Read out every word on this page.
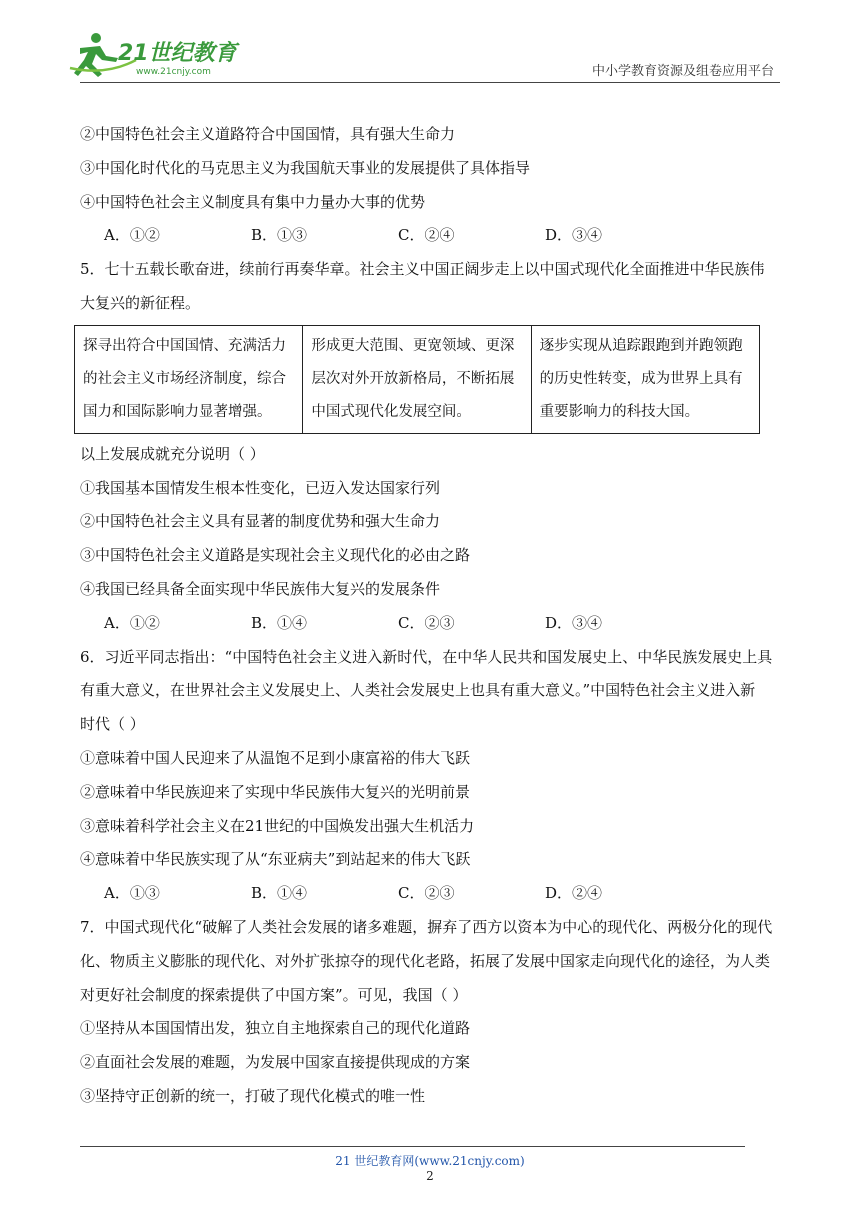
21世纪教育
www.21cnjy.com	中小学教育资源及组卷应用平台
②中国特色社会主义道路符合中国国情，具有强大生命力
③中国化时代化的马克思主义为我国航天事业的发展提供了具体指导
④中国特色社会主义制度具有集中力量办大事的优势
A．①②	B．①③	C．②④	D．③④
5．七十五载长歌奋进，续前行再奏华章。社会主义中国正阔步走上以中国式现代化全面推进中华民族伟
大复兴的新征程。
探寻出符合中国国情、充满活力的社会主义市场经济制度，综合国力和国际影响力显著增强。	形成更大范围、更宽领域、更深层次对外开放新格局，不断拓展中国式现代化发展空间。	逐步实现从追踪跟跑到并跑领跑的历史性转变，成为世界上具有重要影响力的科技大国。
以上发展成就充分说明（ ）
①我国基本国情发生根本性变化，已迈入发达国家行列
②中国特色社会主义具有显著的制度优势和强大生命力
③中国特色社会主义道路是实现社会主义现代化的必由之路
④我国已经具备全面实现中华民族伟大复兴的发展条件
A．①②	B．①④	C．②③	D．③④
6．习近平同志指出：“中国特色社会主义进入新时代，在中华人民共和国发展史上、中华民族发展史上具
有重大意义，在世界社会主义发展史上、人类社会发展史上也具有重大意义。”中国特色社会主义进入新
时代（ ）
①意味着中国人民迎来了从温饱不足到小康富裕的伟大飞跃
②意味着中华民族迎来了实现中华民族伟大复兴的光明前景
③意味着科学社会主义在21世纪的中国焕发出强大生机活力
④意味着中华民族实现了从“东亚病夫”到站起来的伟大飞跃
A．①③	B．①④	C．②③	D．②④
7．中国式现代化“破解了人类社会发展的诸多难题，摒弃了西方以资本为中心的现代化、两极分化的现代
化、物质主义膨胀的现代化、对外扩张掠夺的现代化老路，拓展了发展中国家走向现代化的途径，为人类
对更好社会制度的探索提供了中国方案”。可见，我国（ ）
①坚持从本国国情出发，独立自主地探索自己的现代化道路
②直面社会发展的难题，为发展中国家直接提供现成的方案
③坚持守正创新的统一，打破了现代化模式的唯一性
21 世纪教育网(www.21cnjy.com)
2
